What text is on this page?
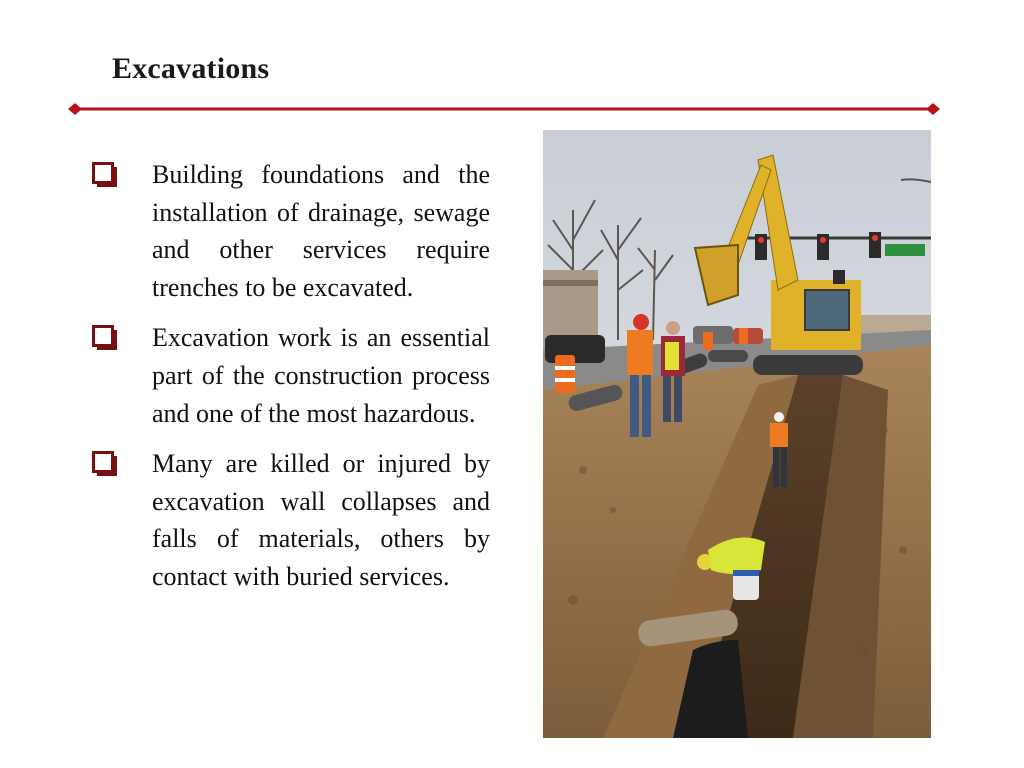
Excavations
Building foundations and the installation of drainage, sewage and other services require trenches to be excavated.
Excavation work is an essential part of the construction process and one of the most hazardous.
Many are killed or injured by excavation wall collapses and falls of materials, others by contact with buried services.
